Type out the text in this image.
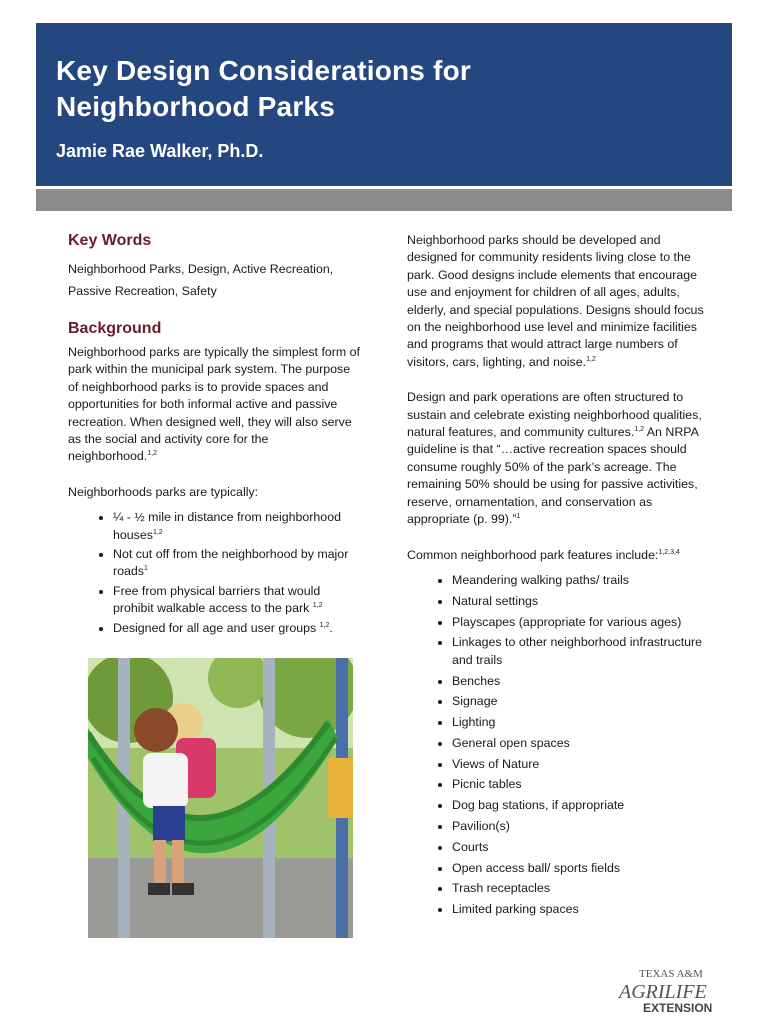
Key Design Considerations for
Neighborhood Parks
Jamie Rae Walker, Ph.D.
Key Words

Neighborhood Parks, Design, Active Recreation,
Passive Recreation, Safety

Background

Neighborhood parks are typically the simplest form of park within the municipal park system. The purpose of neighborhood parks is to provide spaces and opportunities for both informal active and passive recreation. When designed well, they will also serve as the social and activity core for the neighborhood.$^{1,2}$

Neighborhoods parks are typically:

• ¼ - ½ mile in distance from neighborhood houses$^{1,2}$
• Not cut off from the neighborhood by major roads$^1$
• Free from physical barriers that would prohibit walkable access to the park $^{1,2}$
• Designed for all age and user groups $^{1,2}$.

Neighborhood parks should be developed and designed for community residents living close to the park. Good designs include elements that encourage use and enjoyment for children of all ages, adults, elderly, and special populations. Designs should focus on the neighborhood use level and minimize facilities and programs that would attract large numbers of visitors, cars, lighting, and noise.$^{1,2}$

Design and park operations are often structured to sustain and celebrate existing neighborhood qualities, natural features, and community cultures.$^{1,2}$ An NRPA guideline is that “…active recreation spaces should consume roughly 50% of the park’s acreage. The remaining 50% should be using for passive activities, reserve, ornamentation, and conservation as appropriate (p. 99).”$^1$

Common neighborhood park features include:$^{1,2,3,4}$

• Meandering walking paths/ trails
• Natural settings
• Playscapes (appropriate for various ages)
• Linkages to other neighborhood infrastructure and trails
• Benches
• Signage
• Lighting
• General open spaces
• Views of Nature
• Picnic tables
• Dog bag stations, if appropriate
• Pavilion(s)
• Courts
• Open access ball/ sports fields
• Trash receptacles
• Limited parking spaces
TEXAS A&M
AGRILIFE
EXTENSION
